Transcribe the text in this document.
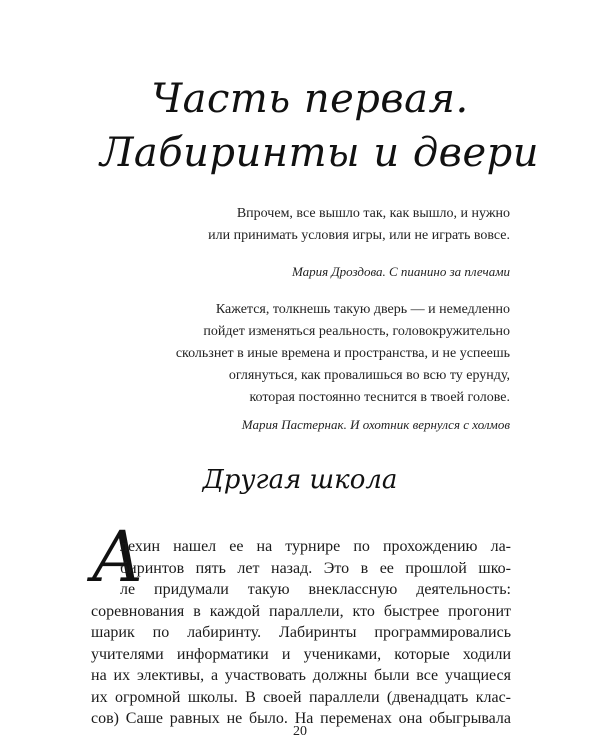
Часть первая.
Лабиринты и двери
Впрочем, все вышло так, как вышло, и нужно
или принимать условия игры, или не играть вовсе.
Мария Дроздова. С пианино за плечами
Кажется, толкнешь такую дверь — и немедленно
пойдет изменяться реальность, головокружительно
скользнет в иные времена и пространства, и не успеешь
оглянуться, как провалишься во всю ту ерунду,
которая постоянно теснится в твоей голове.
Мария Пастернак. И охотник вернулся с холмов
Другая школа
А
лехин нашел ее на турнире по прохождению ла-
биринтов пять лет назад. Это в ее прошлой шко-
ле придумали такую внеклассную деятельность:
соревнования в каждой параллели, кто быстрее прогонит
шарик по лабиринту. Лабиринты программировались
учителями информатики и учениками, которые ходили
на их элективы, а участвовать должны были все учащиеся
их огромной школы. В своей параллели (двенадцать клас-
сов) Саше равных не было. На переменах она обыгрывала
20
